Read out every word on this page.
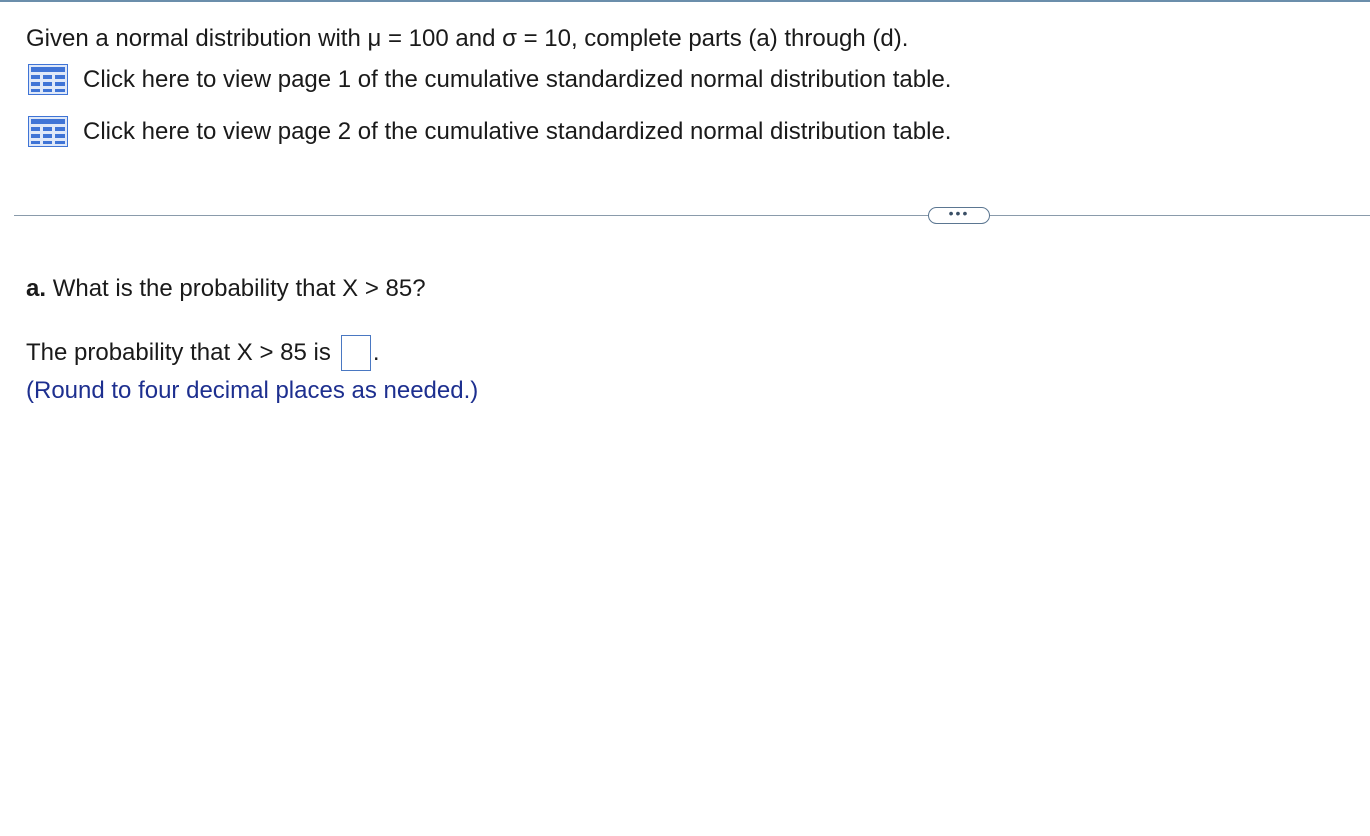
Given a normal distribution with μ = 100 and σ = 10, complete parts (a) through (d).
Click here to view page 1 of the cumulative standardized normal distribution table.
Click here to view page 2 of the cumulative standardized normal distribution table.
•••
a. What is the probability that X > 85?
The probability that X > 85 is .
(Round to four decimal places as needed.)
